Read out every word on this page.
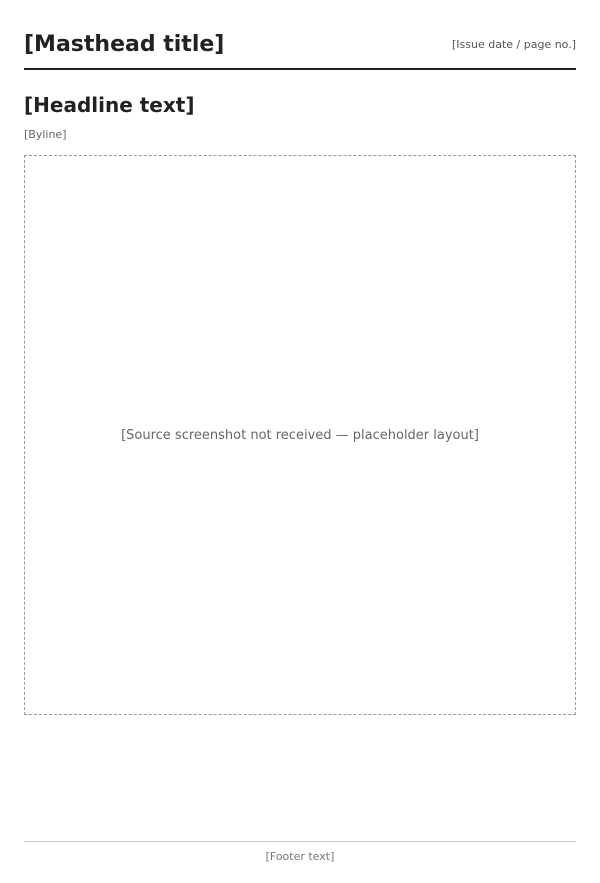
[Masthead title]	[Issue date / page no.]
[Headline text]
[Byline]
[Source screenshot not received — placeholder layout]
[Footer text]
